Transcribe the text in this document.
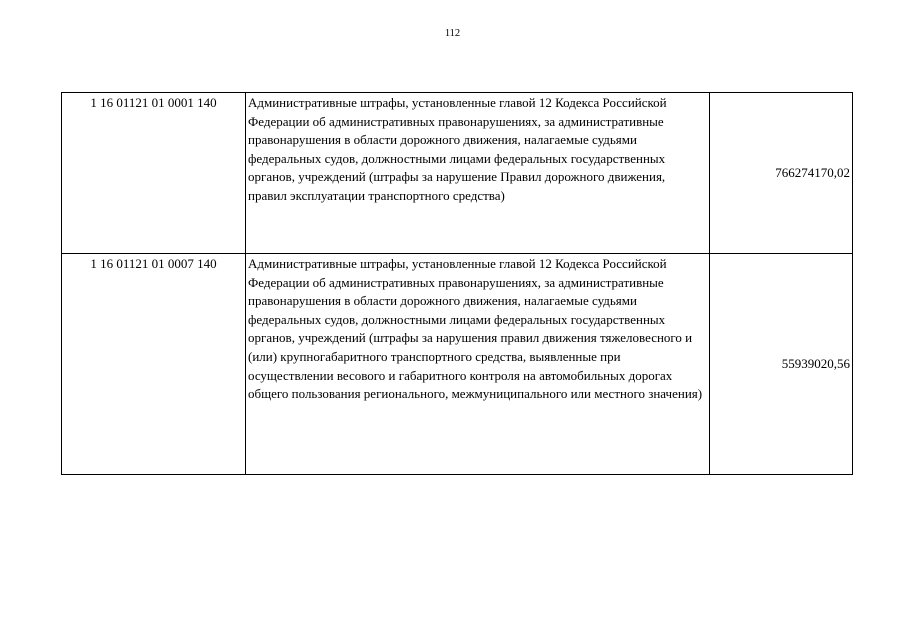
112
1 16 01121 01 0001 140	Административные штрафы, установленные главой 12 Кодекса Российской Федерации об административных правонарушениях, за административные правонарушения в области дорожного движения, налагаемые судьями федеральных судов, должностными лицами федеральных государственных органов, учреждений (штрафы за нарушение Правил дорожного движения, правил эксплуатации транспортного средства)	766274170,02
1 16 01121 01 0007 140	Административные штрафы, установленные главой 12 Кодекса Российской Федерации об административных правонарушениях, за административные правонарушения в области дорожного движения, налагаемые судьями федеральных судов, должностными лицами федеральных государственных органов, учреждений (штрафы за нарушения правил движения тяжеловесного и (или) крупногабаритного транспортного средства, выявленные при осуществлении весового и габаритного контроля на автомобильных дорогах общего пользования регионального, межмуниципального или местного значения)	55939020,56
